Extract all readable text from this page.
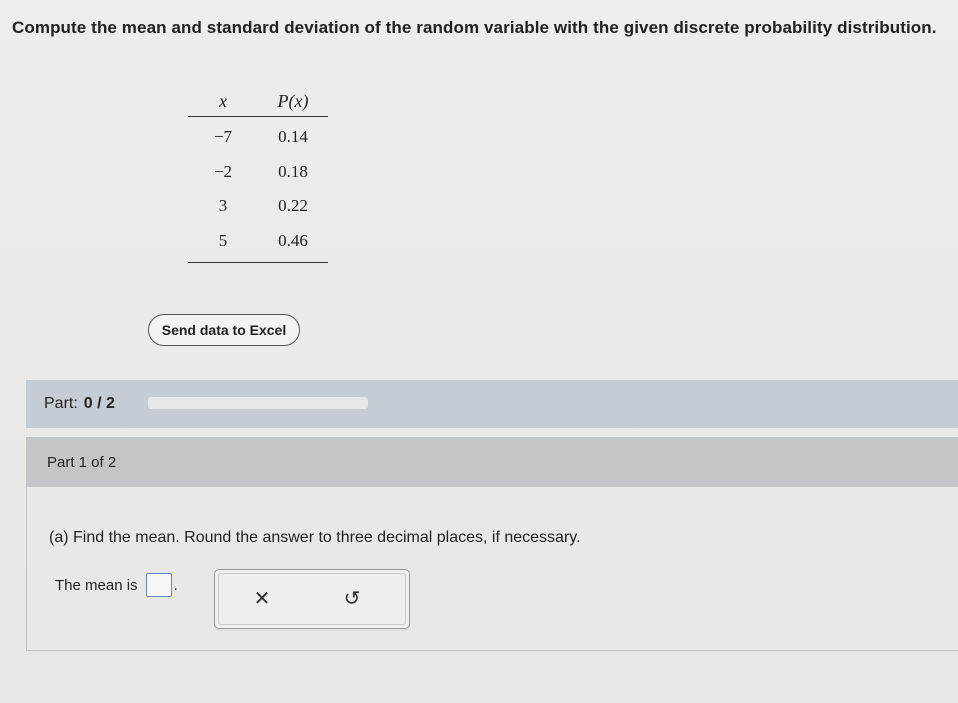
Compute the mean and standard deviation of the random variable with the given discrete probability distribution.
x	P(x)
−7	0.14
−2	0.18
3	0.22
5	0.46
Send data to Excel
Part: 0 / 2
Part 1 of 2
(a) Find the mean. Round the answer to three decimal places, if necessary.
The mean is .
✕	↺
